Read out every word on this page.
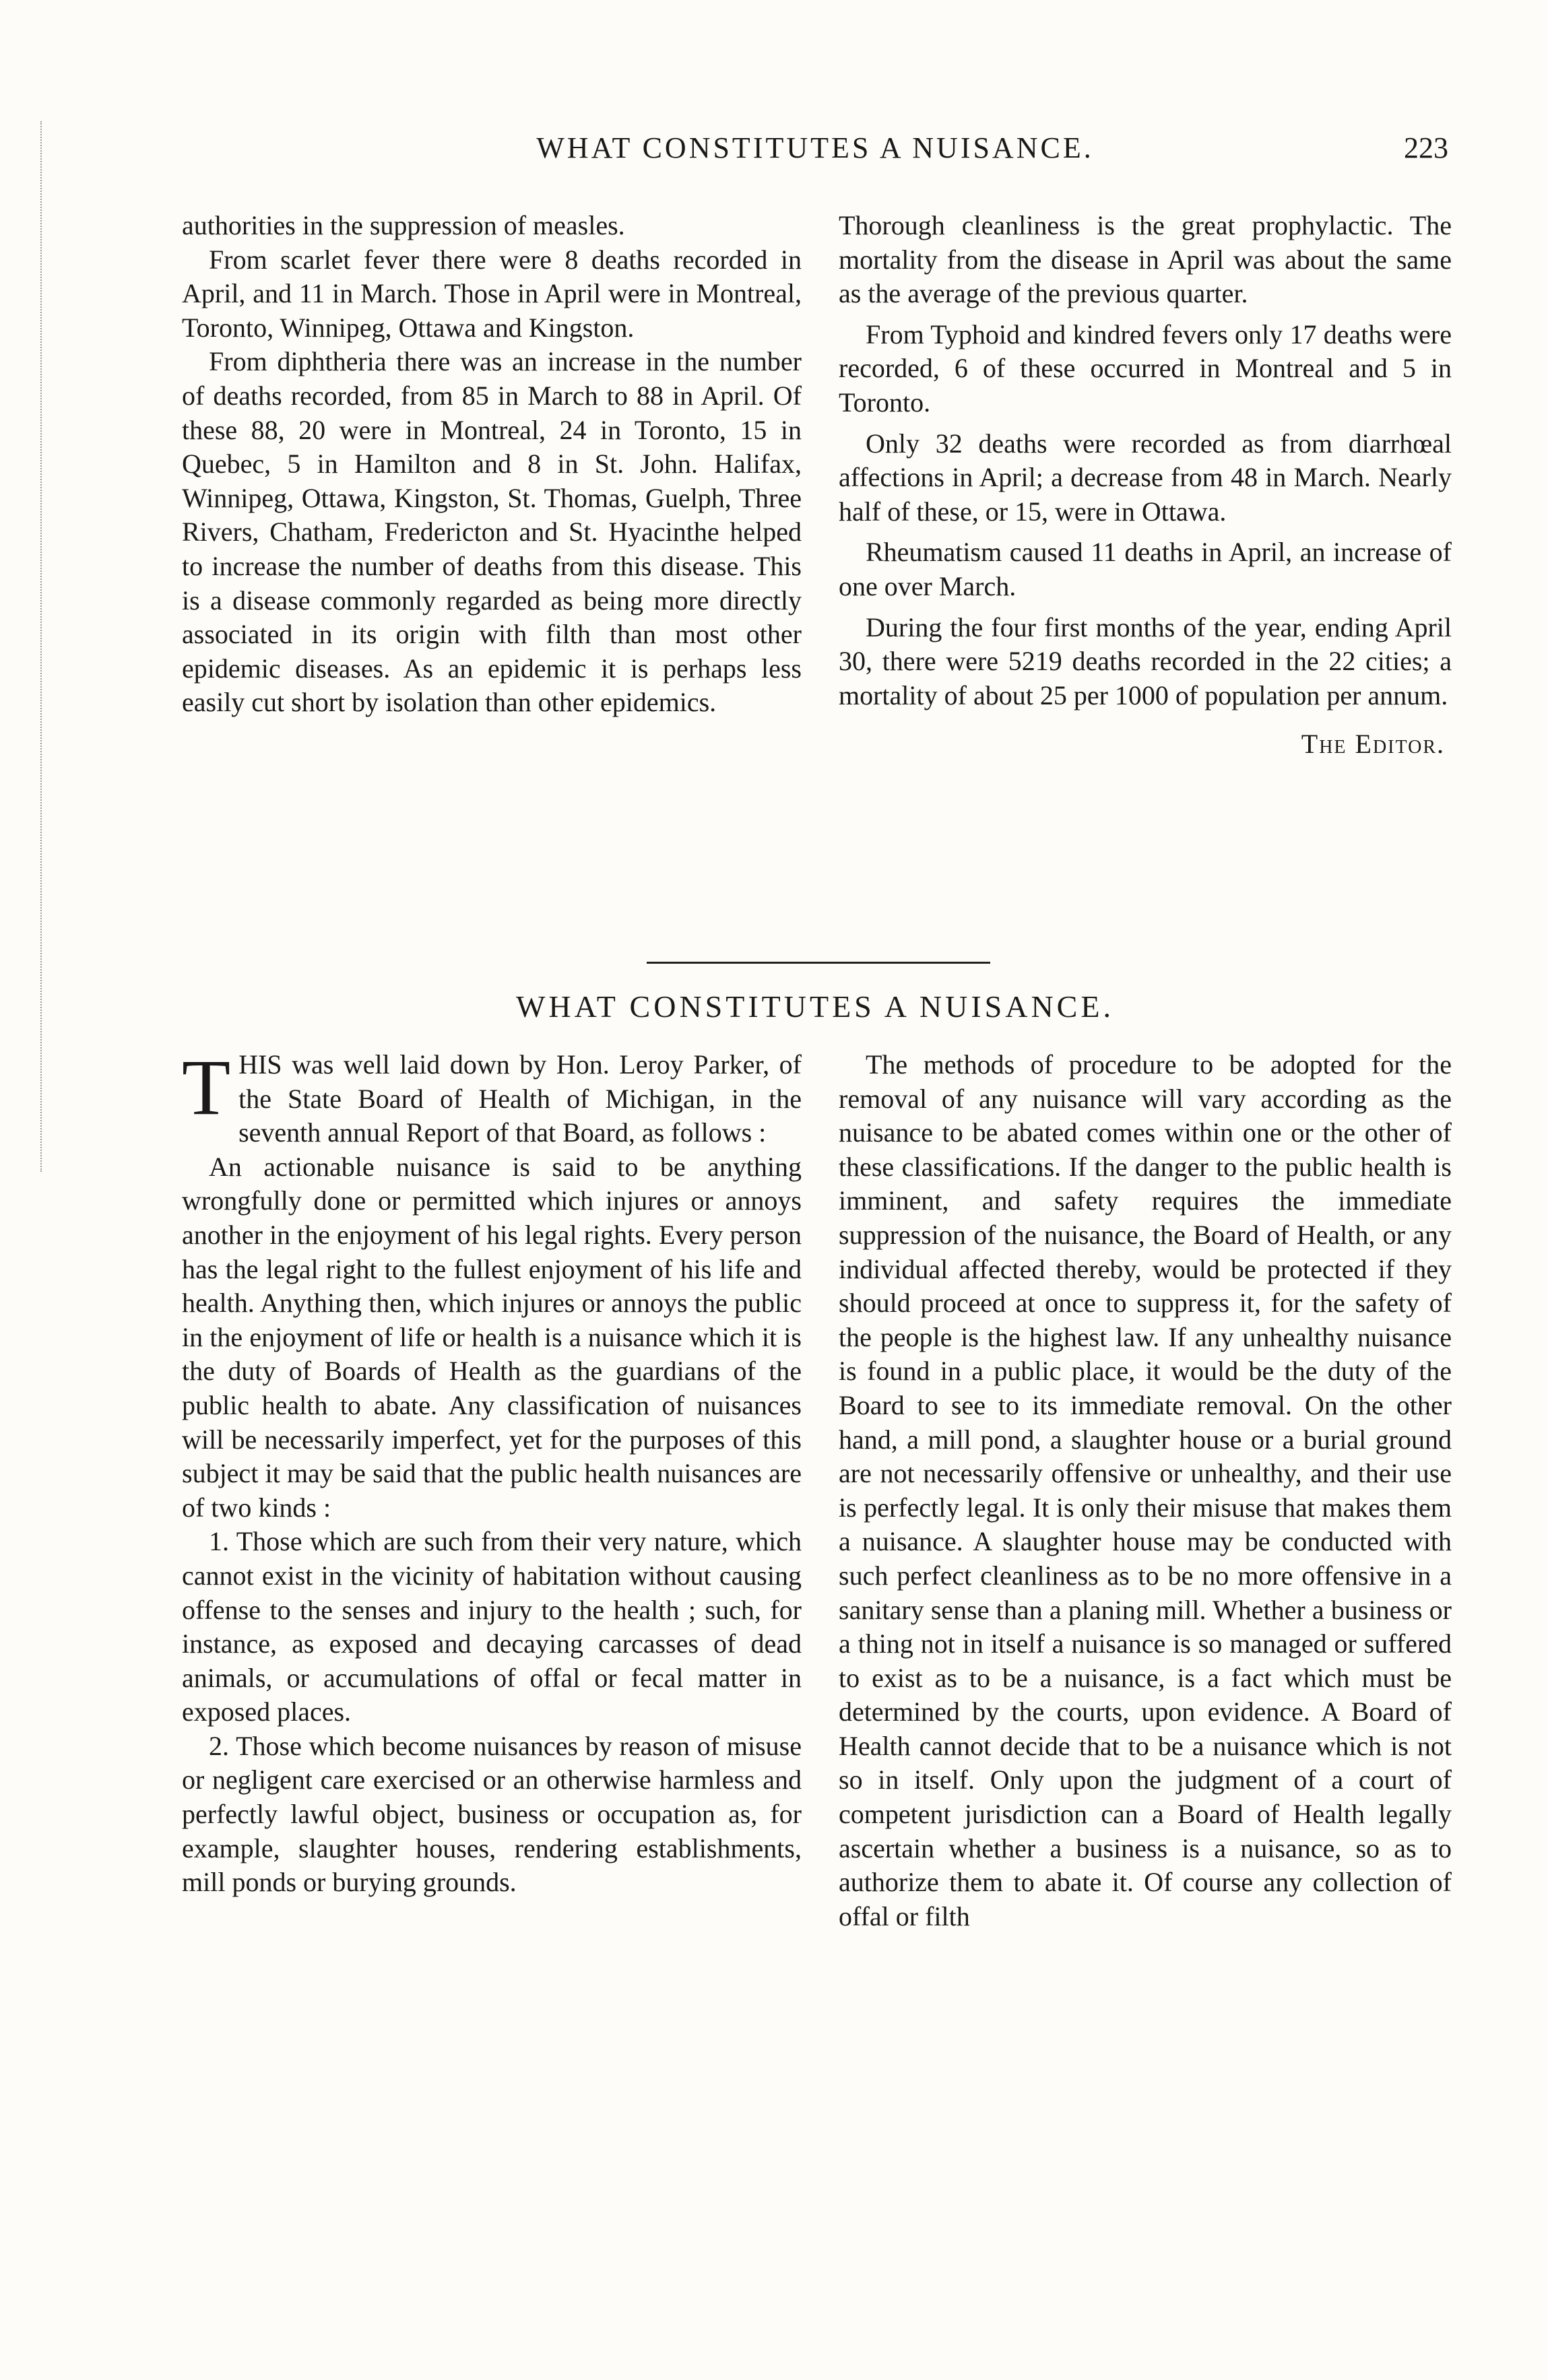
WHAT CONSTITUTES A NUISANCE.	223

authorities in the suppression of measles.

From scarlet fever there were 8 deaths recorded in April, and 11 in March. Those in April were in Montreal, Toronto, Winnipeg, Ottawa and Kingston.

From diphtheria there was an increase in the number of deaths recorded, from 85 in March to 88 in April. Of these 88, 20 were in Montreal, 24 in Toronto, 15 in Quebec, 5 in Hamilton and 8 in St. John. Halifax, Winnipeg, Ottawa, Kingston, St. Thomas, Guelph, Three Rivers, Chatham, Fredericton and St. Hyacinthe helped to increase the number of deaths from this disease. This is a disease commonly regarded as being more directly associated in its origin with filth than most other epidemic diseases. As an epidemic it is perhaps less easily cut short by isolation than other epidemics.

Thorough cleanliness is the great prophylactic. The mortality from the disease in April was about the same as the average of the previous quarter.

From Typhoid and kindred fevers only 17 deaths were recorded, 6 of these occurred in Montreal and 5 in Toronto.

Only 32 deaths were recorded as from diarrhœal affections in April; a decrease from 48 in March. Nearly half of these, or 15, were in Ottawa.

Rheumatism caused 11 deaths in April, an increase of one over March.

During the four first months of the year, ending April 30, there were 5219 deaths recorded in the 22 cities; a mortality of about 25 per 1000 of population per annum.

The Editor.
WHAT CONSTITUTES A NUISANCE.

THIS was well laid down by Hon. Leroy Parker, of the State Board of Health of Michigan, in the seventh annual Report of that Board, as follows :

An actionable nuisance is said to be anything wrongfully done or permitted which injures or annoys another in the enjoyment of his legal rights. Every person has the legal right to the fullest enjoyment of his life and health. Anything then, which injures or annoys the public in the enjoyment of life or health is a nuisance which it is the duty of Boards of Health as the guardians of the public health to abate. Any classification of nuisances will be necessarily imperfect, yet for the purposes of this subject it may be said that the public health nuisances are of two kinds :

1. Those which are such from their very nature, which cannot exist in the vicinity of habitation without causing offense to the senses and injury to the health ; such, for instance, as exposed and decaying carcasses of dead animals, or accumulations of offal or fecal matter in exposed places.

2. Those which become nuisances by reason of misuse or negligent care exercised or an otherwise harmless and perfectly lawful object, business or occupation as, for example, slaughter houses, rendering establishments, mill ponds or burying grounds.

The methods of procedure to be adopted for the removal of any nuisance will vary according as the nuisance to be abated comes within one or the other of these classifications. If the danger to the public health is imminent, and safety requires the immediate suppression of the nuisance, the Board of Health, or any individual affected thereby, would be protected if they should proceed at once to suppress it, for the safety of the people is the highest law. If any unhealthy nuisance is found in a public place, it would be the duty of the Board to see to its immediate removal. On the other hand, a mill pond, a slaughter house or a burial ground are not necessarily offensive or unhealthy, and their use is perfectly legal. It is only their misuse that makes them a nuisance. A slaughter house may be conducted with such perfect cleanliness as to be no more offensive in a sanitary sense than a planing mill. Whether a business or a thing not in itself a nuisance is so managed or suffered to exist as to be a nuisance, is a fact which must be determined by the courts, upon evidence. A Board of Health cannot decide that to be a nuisance which is not so in itself. Only upon the judgment of a court of competent jurisdiction can a Board of Health legally ascertain whether a business is a nuisance, so as to authorize them to abate it. Of course any collection of offal or filth
